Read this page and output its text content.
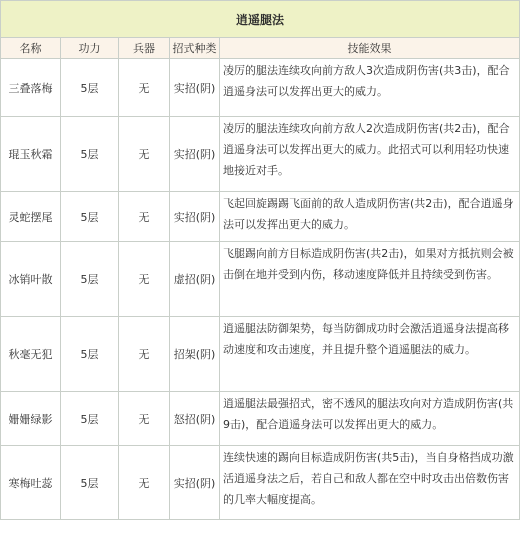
逍遥腿法				
名称	功力	兵器	招式种类	技能效果
三叠落梅	5层	无	实招(阴)	凌厉的腿法连续攻向前方敌人3次造成阴伤害(共3击)，配合逍遥身法可以发挥出更大的威力。
琨玉秋霜	5层	无	实招(阴)	凌厉的腿法连续攻向前方敌人2次造成阴伤害(共2击)，配合逍遥身法可以发挥出更大的威力。此招式可以利用轻功快速地接近对手。
灵蛇摆尾	5层	无	实招(阴)	飞起回旋踢踢飞面前的敌人造成阴伤害(共2击)，配合逍遥身法可以发挥出更大的威力。
冰销叶散	5层	无	虚招(阴)	飞腿踢向前方目标造成阴伤害(共2击)，如果对方抵抗则会被击倒在地并受到内伤，移动速度降低并且持续受到伤害。
秋毫无犯	5层	无	招架(阴)	逍遥腿法防御架势，每当防御成功时会激活逍遥身法提高移动速度和攻击速度，并且提升整个逍遥腿法的威力。
姗姗绿影	5层	无	怒招(阴)	逍遥腿法最强招式，密不透风的腿法攻向对方造成阴伤害(共9击)，配合逍遥身法可以发挥出更大的威力。
寒梅吐蕊	5层	无	实招(阴)	连续快速的踢向目标造成阴伤害(共5击)，当自身格挡成功激活逍遥身法之后，若自己和敌人都在空中时攻击出倍数伤害的几率大幅度提高。
